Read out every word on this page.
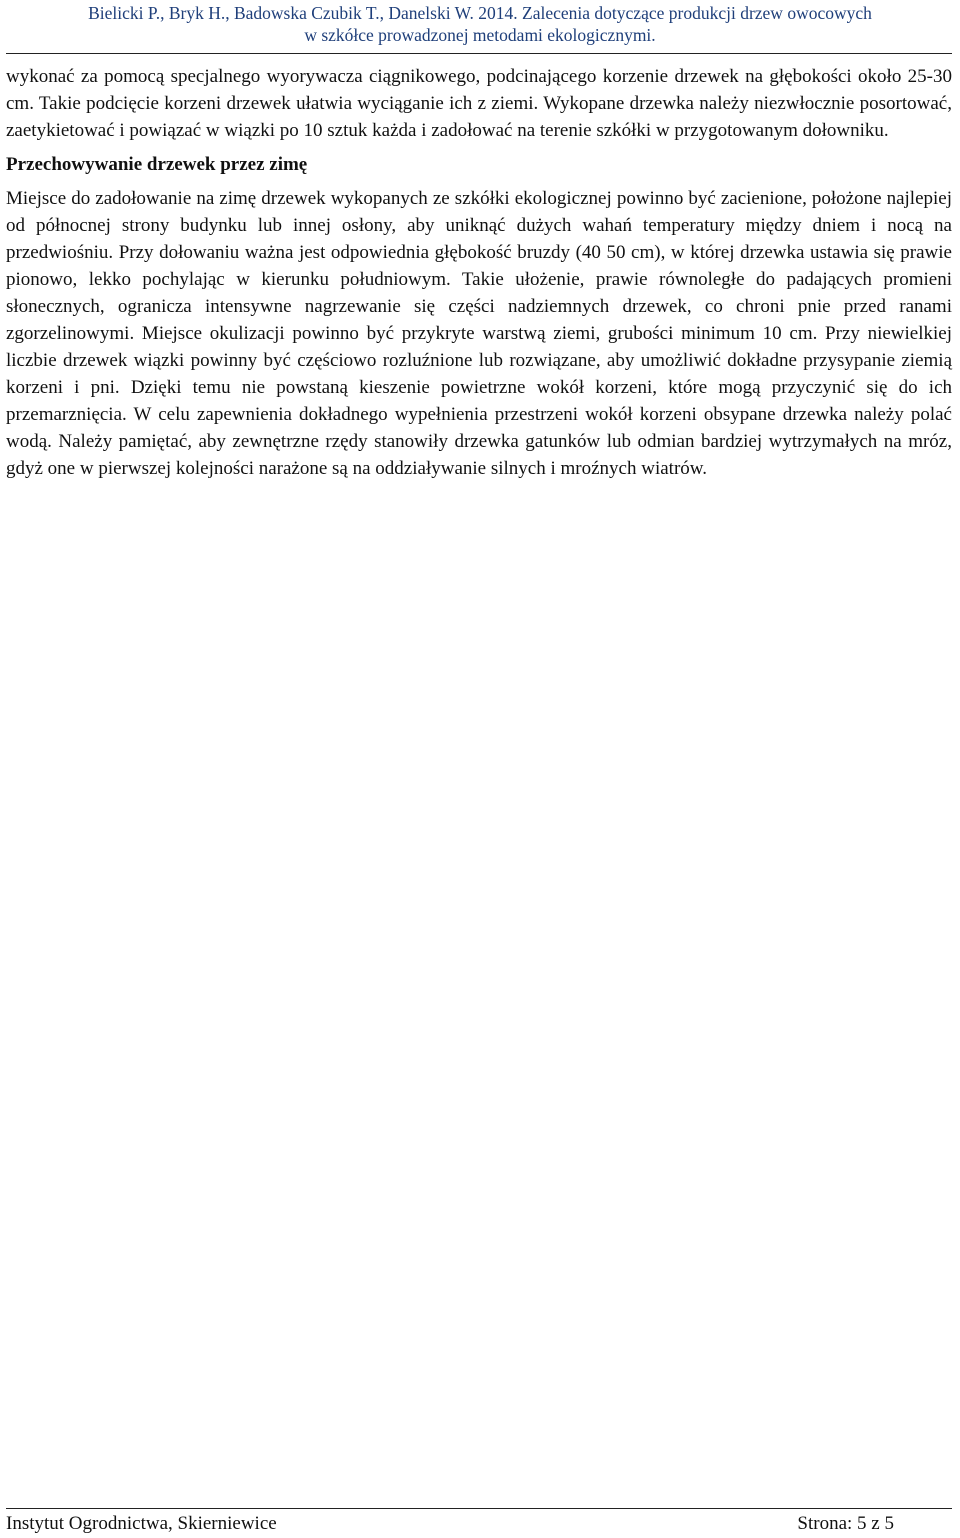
Bielicki P., Bryk H., Badowska Czubik T., Danelski W. 2014. Zalecenia dotyczące produkcji drzew owocowych
w szkółce prowadzonej metodami ekologicznymi.

wykonać za pomocą specjalnego wyorywacza ciągnikowego, podcinającego korzenie drzewek na głębokości około 25-30 cm. Takie podcięcie korzeni drzewek ułatwia wyciąganie ich z ziemi. Wykopane drzewka należy niezwłocznie posortować, zaetykietować i powiązać w wiązki po 10 sztuk każda i zadołować na terenie szkółki w przygotowanym dołowniku.

Przechowywanie drzewek przez zimę

Miejsce do zadołowanie na zimę drzewek wykopanych ze szkółki ekologicznej powinno być zacienione, położone najlepiej od północnej strony budynku lub innej osłony, aby uniknąć dużych wahań temperatury między dniem i nocą na przedwiośniu. Przy dołowaniu ważna jest odpowiednia głębokość bruzdy (40 50 cm), w której drzewka ustawia się prawie pionowo, lekko pochylając w kierunku południowym. Takie ułożenie, prawie równoległe do padających promieni słonecznych, ogranicza intensywne nagrzewanie się części nadziemnych drzewek, co chroni pnie przed ranami zgorzelinowymi. Miejsce okulizacji powinno być przykryte warstwą ziemi, grubości minimum 10 cm. Przy niewielkiej liczbie drzewek wiązki powinny być częściowo rozluźnione lub rozwiązane, aby umożliwić dokładne przysypanie ziemią korzeni i pni. Dzięki temu nie powstaną kieszenie powietrzne wokół korzeni, które mogą przyczynić się do ich przemarznięcia. W celu zapewnienia dokładnego wypełnienia przestrzeni wokół korzeni obsypane drzewka należy polać wodą. Należy pamiętać, aby zewnętrzne rzędy stanowiły drzewka gatunków lub odmian bardziej wytrzymałych na mróz, gdyż one w pierwszej kolejności narażone są na oddziaływanie silnych i mroźnych wiatrów.

Instytut Ogrodnictwa, Skierniewice	Strona: 5 z 5
